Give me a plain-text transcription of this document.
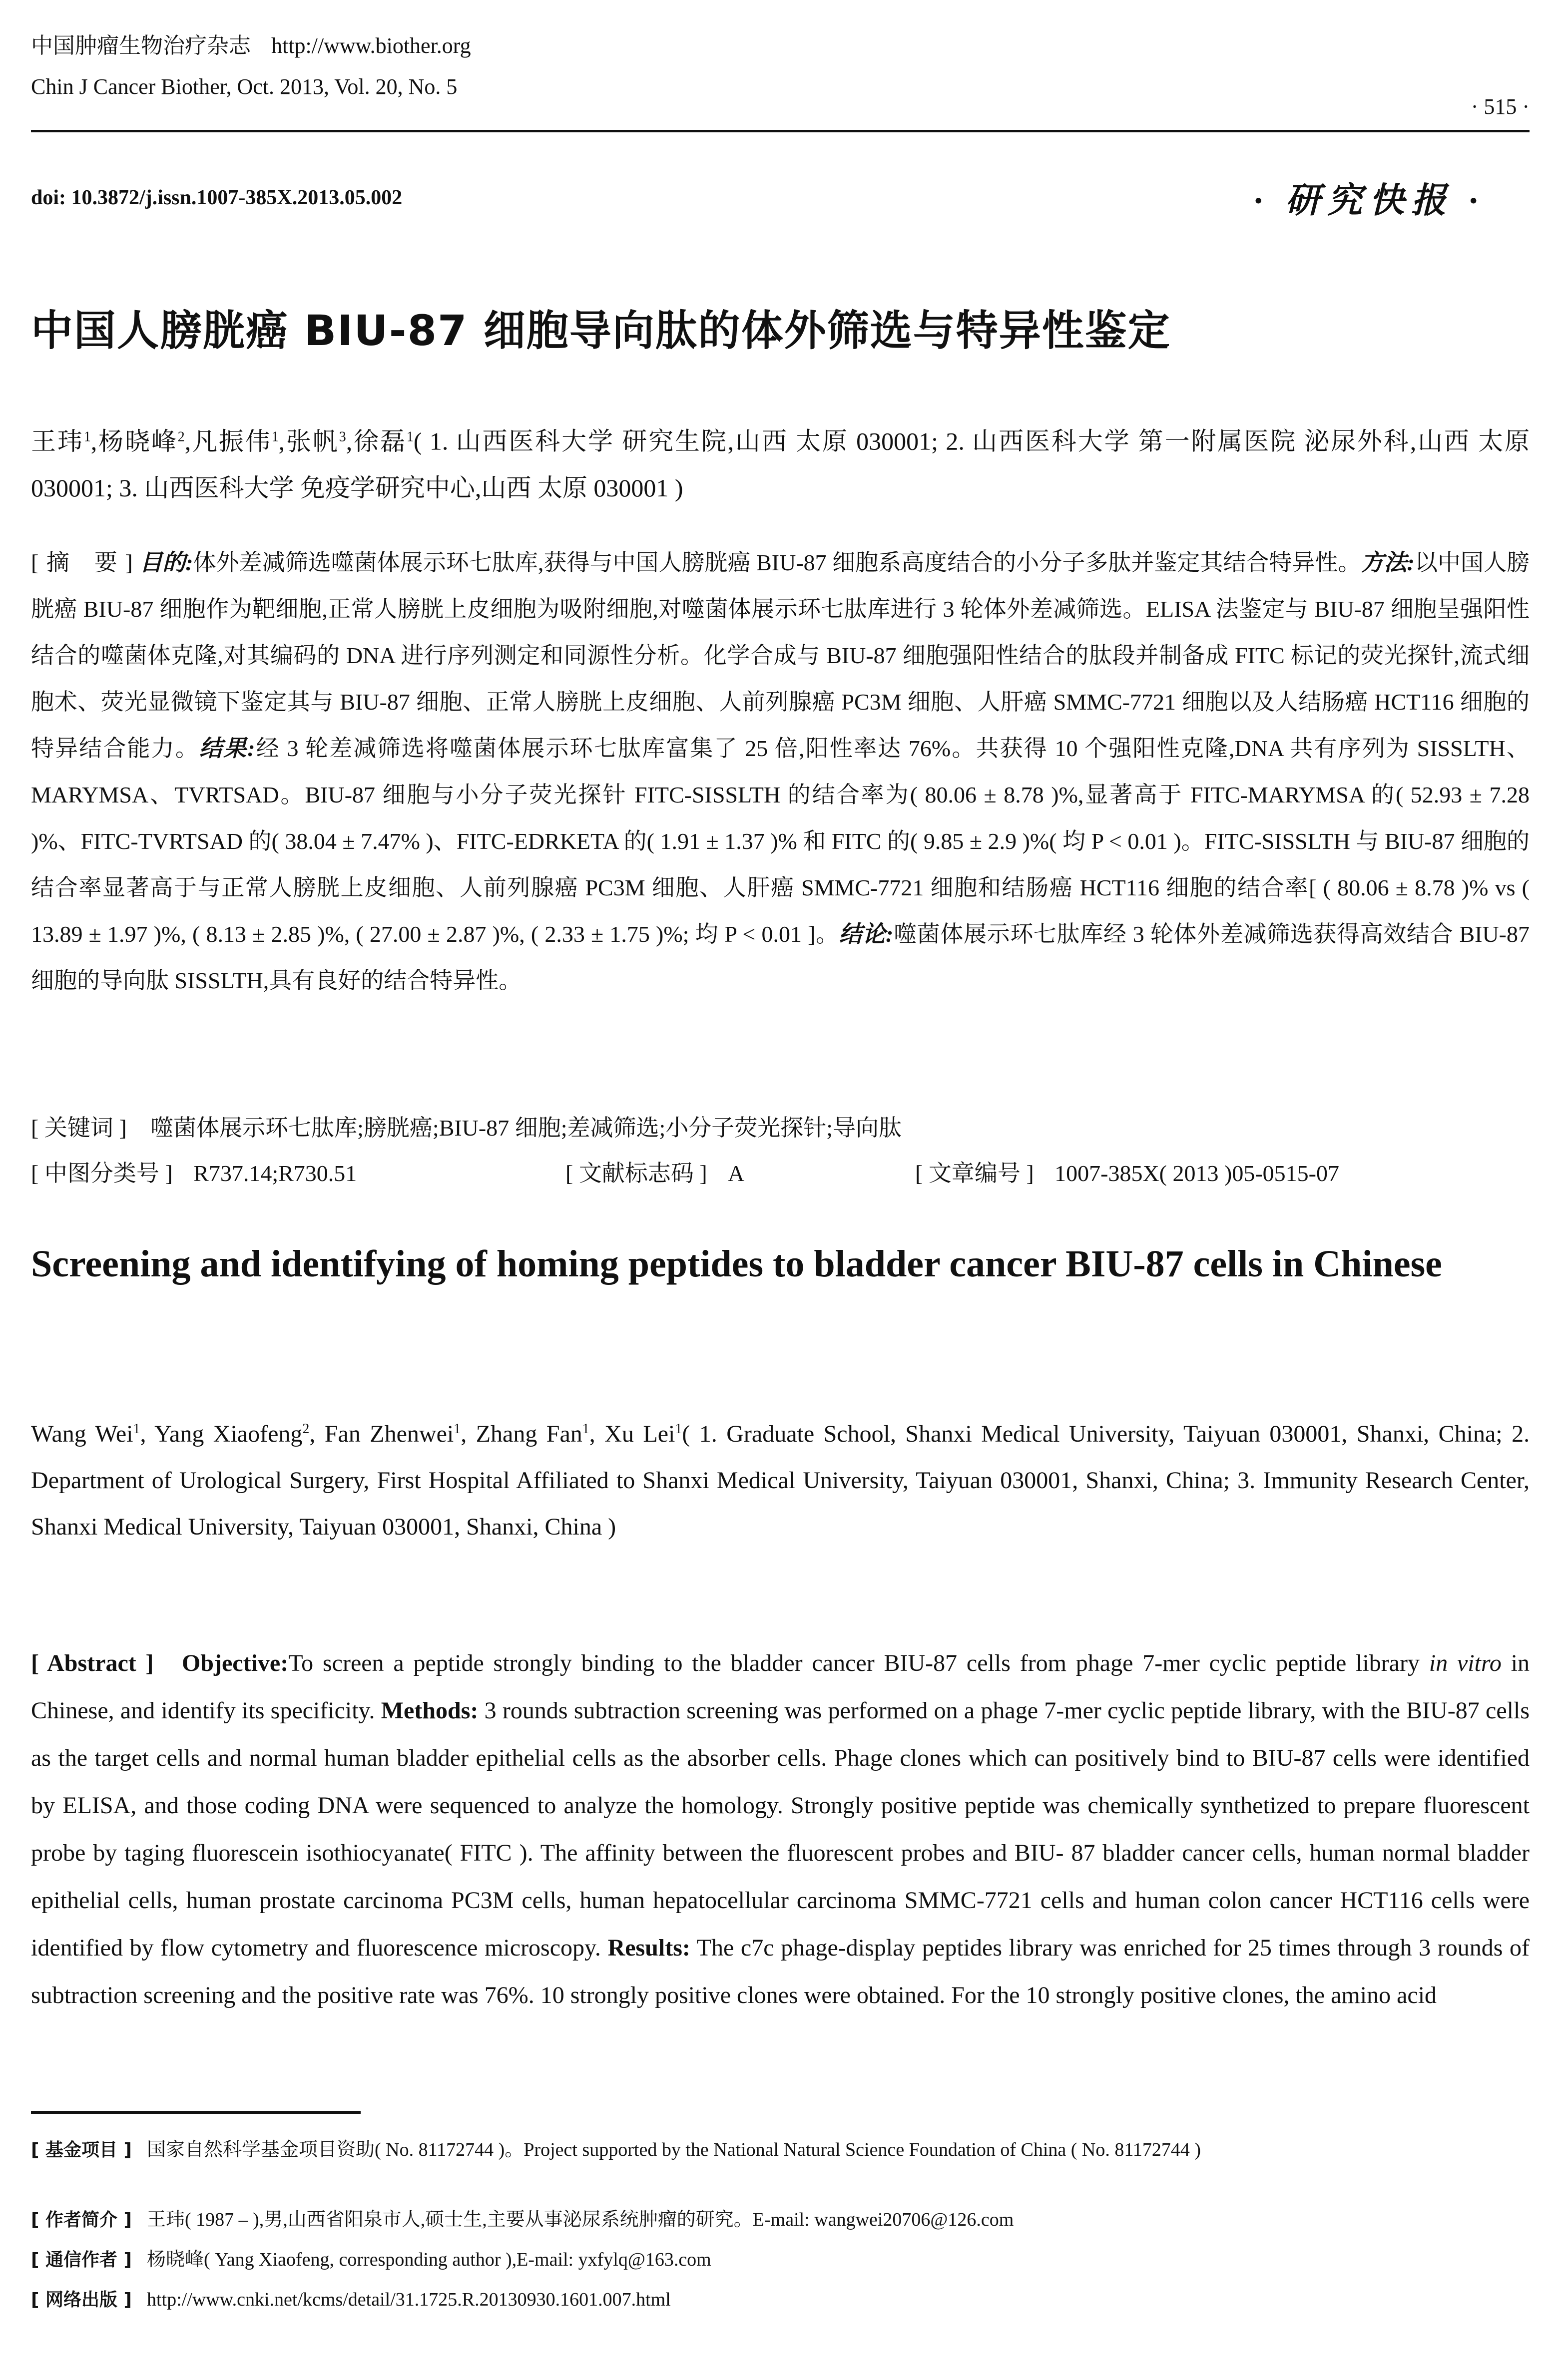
中国肿瘤生物治疗杂志 http://www.biother.org
Chin J Cancer Biother, Oct. 2013, Vol. 20, No. 5
· 515 ·
doi: 10.3872/j.issn.1007-385X.2013.05.002	· 研究快报 ·
中国人膀胱癌 BIU-87 细胞导向肽的体外筛选与特异性鉴定
王玮$^1$,杨晓峰$^2$,凡振伟$^1$,张帆$^3$,徐磊$^1$( 1. 山西医科大学 研究生院,山西 太原 030001; 2. 山西医科大学 第一附属医院 泌尿外科,山西 太原 030001; 3. 山西医科大学 免疫学研究中心,山西 太原 030001 )
[ 摘　要 ] 目的:体外差减筛选噬菌体展示环七肽库,获得与中国人膀胱癌 BIU-87 细胞系高度结合的小分子多肽并鉴定其结合特异性。方法:以中国人膀胱癌 BIU-87 细胞作为靶细胞,正常人膀胱上皮细胞为吸附细胞,对噬菌体展示环七肽库进行 3 轮体外差减筛选。ELISA 法鉴定与 BIU-87 细胞呈强阳性结合的噬菌体克隆,对其编码的 DNA 进行序列测定和同源性分析。化学合成与 BIU-87 细胞强阳性结合的肽段并制备成 FITC 标记的荧光探针,流式细胞术、荧光显微镜下鉴定其与 BIU-87 细胞、正常人膀胱上皮细胞、人前列腺癌 PC3M 细胞、人肝癌 SMMC-7721 细胞以及人结肠癌 HCT116 细胞的特异结合能力。结果:经 3 轮差减筛选将噬菌体展示环七肽库富集了 25 倍,阳性率达 76%。共获得 10 个强阳性克隆,DNA 共有序列为 SISSLTH、MARYMSA、TVRTSAD。BIU-87 细胞与小分子荧光探针 FITC-SISSLTH 的结合率为( 80.06 ± 8.78 )%,显著高于 FITC-MARYMSA 的( 52.93 ± 7.28 )%、FITC-TVRTSAD 的( 38.04 ± 7.47% )、FITC-EDRKETA 的( 1.91 ± 1.37 )% 和 FITC 的( 9.85 ± 2.9 )%( 均 P < 0.01 )。FITC-SISSLTH 与 BIU-87 细胞的结合率显著高于与正常人膀胱上皮细胞、人前列腺癌 PC3M 细胞、人肝癌 SMMC-7721 细胞和结肠癌 HCT116 细胞的结合率[ ( 80.06 ± 8.78 )% vs ( 13.89 ± 1.97 )%, ( 8.13 ± 2.85 )%, ( 27.00 ± 2.87 )%, ( 2.33 ± 1.75 )%; 均 P < 0.01 ]。结论:噬菌体展示环七肽库经 3 轮体外差减筛选获得高效结合 BIU-87 细胞的导向肽 SISSLTH,具有良好的结合特异性。
[ 关键词 ] 噬菌体展示环七肽库;膀胱癌;BIU-87 细胞;差减筛选;小分子荧光探针;导向肽
[ 中图分类号 ] R737.14;R730.51	[ 文献标志码 ] A	[ 文章编号 ] 1007-385X( 2013 )05-0515-07
Screening and identifying of homing peptides to bladder cancer BIU-87 cells in Chinese
Wang Wei$^1$, Yang Xiaofeng$^2$, Fan Zhenwei$^1$, Zhang Fan$^1$, Xu Lei$^1$( 1. Graduate School, Shanxi Medical University, Taiyuan 030001, Shanxi, China; 2. Department of Urological Surgery, First Hospital Affiliated to Shanxi Medical University, Taiyuan 030001, Shanxi, China; 3. Immunity Research Center, Shanxi Medical University, Taiyuan 030001, Shanxi, China )
[ Abstract ] Objective:To screen a peptide strongly binding to the bladder cancer BIU-87 cells from phage 7-mer cyclic peptide library in vitro in Chinese, and identify its specificity. Methods: 3 rounds subtraction screening was performed on a phage 7-mer cyclic peptide library, with the BIU-87 cells as the target cells and normal human bladder epithelial cells as the absorber cells. Phage clones which can positively bind to BIU-87 cells were identified by ELISA, and those coding DNA were sequenced to analyze the homology. Strongly positive peptide was chemically synthetized to prepare fluorescent probe by taging fluorescein isothiocyanate( FITC ). The affinity between the fluorescent probes and BIU- 87 bladder cancer cells, human normal bladder epithelial cells, human prostate carcinoma PC3M cells, human hepatocellular carcinoma SMMC-7721 cells and human colon cancer HCT116 cells were identified by flow cytometry and fluorescence microscopy. Results: The c7c phage-display peptides library was enriched for 25 times through 3 rounds of subtraction screening and the positive rate was 76%. 10 strongly positive clones were obtained. For the 10 strongly positive clones, the amino acid
[ 基金项目 ] 国家自然科学基金项目资助( No. 81172744 )。Project supported by the National Natural Science Foundation of China ( No. 81172744 )
[ 作者简介 ] 王玮( 1987 – ),男,山西省阳泉市人,硕士生,主要从事泌尿系统肿瘤的研究。E-mail: wangwei20706@126.com
[ 通信作者 ] 杨晓峰( Yang Xiaofeng, corresponding author ),E-mail: yxfylq@163.com
[ 网络出版 ] http://www.cnki.net/kcms/detail/31.1725.R.20130930.1601.007.html
